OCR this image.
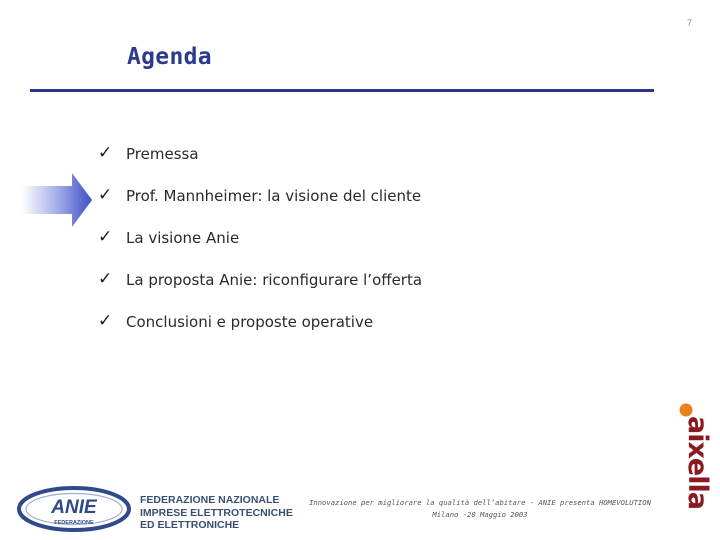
7
Agenda
✓ Premessa
✓ Prof. Mannheimer: la visione del cliente
✓ La visione Anie
✓ La proposta Anie: riconfigurare l’offerta
✓ Conclusioni e proposte operative
ANIE
FEDERAZIONE
FEDERAZIONE NAZIONALE
IMPRESE ELETTROTECNICHE
ED ELETTRONICHE
Innovazione per migliorare la qualità dell’abitare - ANIE presenta HOMEVOLUTION
Milano -20 Maggio 2003
aixella
